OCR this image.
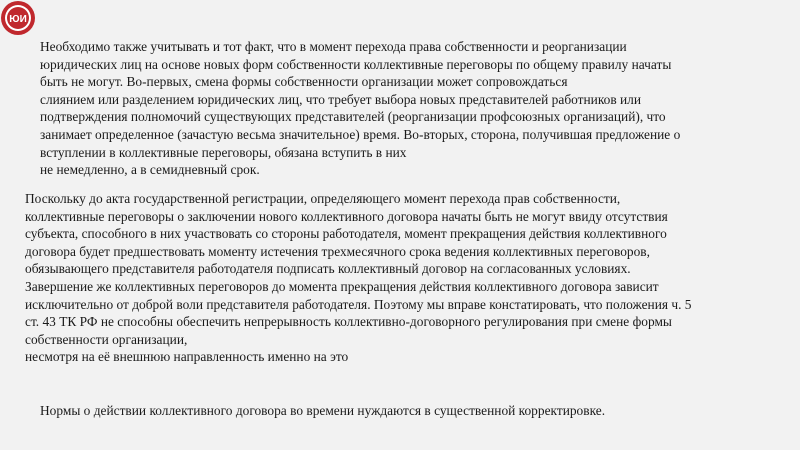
ЮИ

Необходимо также учитывать и тот факт, что в момент перехода права собственности и реорганизации
юридических лиц на основе новых форм собственности коллективные переговоры по общему правилу начаты
быть не могут. Во-первых, смена формы собственности организации может сопровождаться
слиянием или разделением юридических лиц, что требует выбора новых представителей работников или
подтверждения полномочий существующих представителей (реорганизации профсоюзных организаций), что
занимает определенное (зачастую весьма значительное) время. Во-вторых, сторона, получившая предложение о
вступлении в коллективные переговоры, обязана вступить в них
не немедленно, а в семидневный срок.

Поскольку до акта государственной регистрации, определяющего момент перехода прав собственности,
коллективные переговоры о заключении нового коллективного договора начаты быть не могут ввиду отсутствия
субъекта, способного в них участвовать со стороны работодателя, момент прекращения действия коллективного
договора будет предшествовать моменту истечения трехмесячного срока ведения коллективных переговоров,
обязывающего представителя работодателя подписать коллективный договор на согласованных условиях.
Завершение же коллективных переговоров до момента прекращения действия коллективного договора зависит
исключительно от доброй воли представителя работодателя. Поэтому мы вправе констатировать, что положения ч. 5
ст. 43 ТК РФ не способны обеспечить непрерывность коллективно-договорного регулирования при смене формы
собственности организации,
несмотря на её внешнюю направленность именно на это

Нормы о действии коллективного договора во времени нуждаются в существенной корректировке.
